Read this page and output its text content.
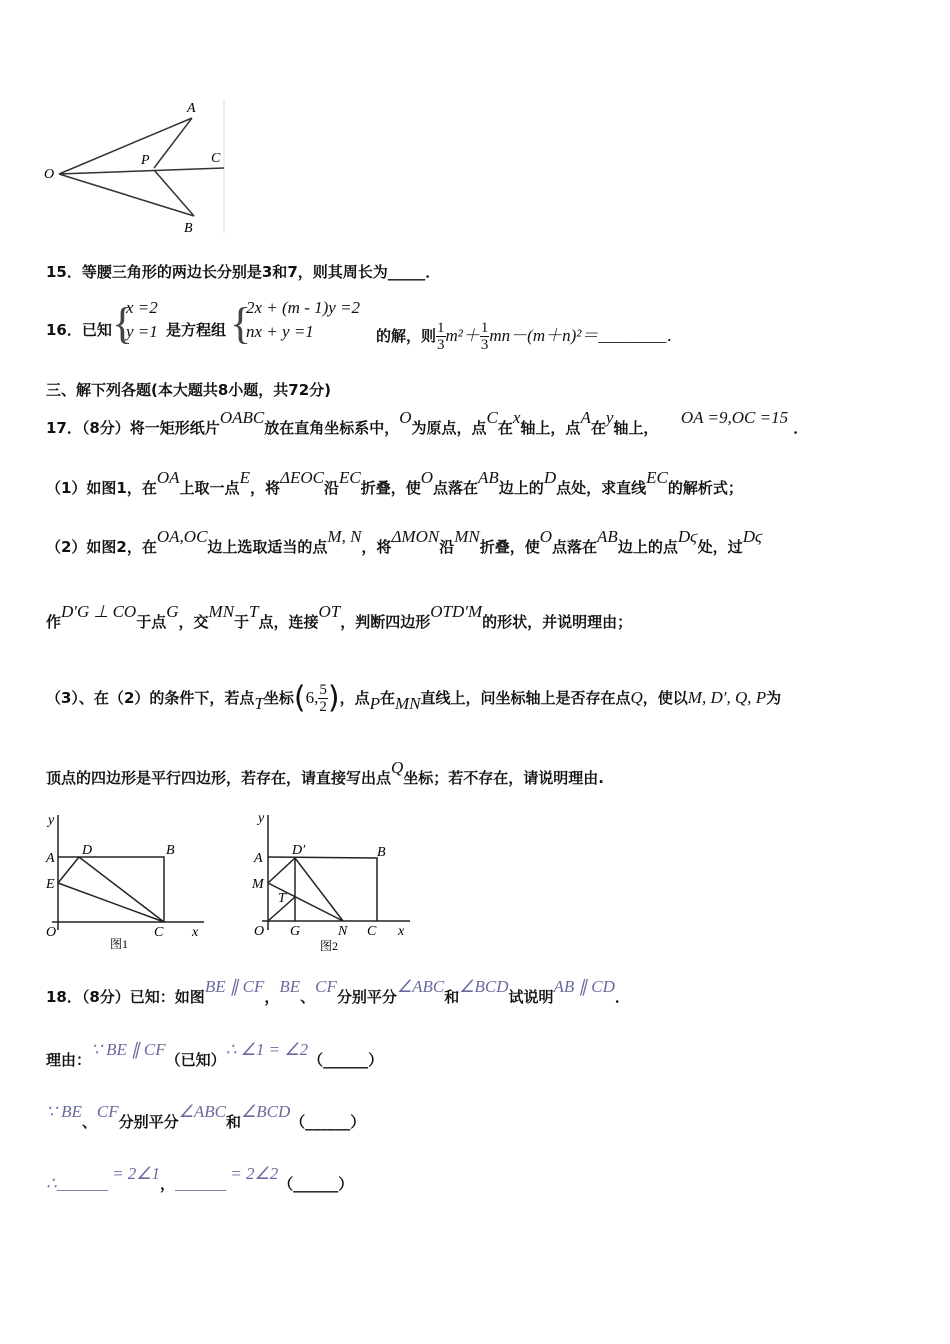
O
A
P	C
B
15．等腰三角形的两边长分别是3和7，则其周长为_____．
16．已知 {
x =2
y =1 是方程组 {
2x + (m - 1)y =2
nx + y =1	的解，则 $\frac{1}{3} m^2+ \frac{1}{3}$ mn－(m＋n)²＝________．
三、解下列各题(本大题共8小题，共72分)
17．（8分）将一矩形纸片OABC放在直角坐标系中，O为原点，点C在x轴上，点A在y轴上，　　OA =9,OC =15 ．
（1）如图1，在OA上取一点E，将ΔEOC沿EC折叠，使O点落在AB边上的D点处，求直线EC的解析式；
（2）如图2，在OA,OC边上选取适当的点M, N，将ΔMON沿MN折叠，使O点落在AB边上的点Dϛ处，过Dϛ
作D′G ⊥ CO于点G，交MN于T点，连接OT，判断四边形OTD′M的形状，并说明理由；
（3）、在（2）的条件下，若点T坐标(6, $\frac{5}{2}$ )，点P在MN直线上，问坐标轴上是否存在点Q，使以M, D′, Q, P为
顶点的四边形是平行四边形，若存在，请直接写出点Q坐标；若不存在，请说明理由.
y
A
D	B
E
O	C x
图1
y
A
D′	B
M
T
O G	N C x
图2
18．（8分）已知：如图BE ∥ CF，BE、CF分别平分∠ABC和∠BCD试说明AB ∥ CD．
理由：∵ BE ∥ CF（已知）∴ ∠1 = ∠2（______）
∵ BE、CF分别平分∠ABC和∠BCD（______）
∴______ = 2∠1，______ = 2∠2（______）
